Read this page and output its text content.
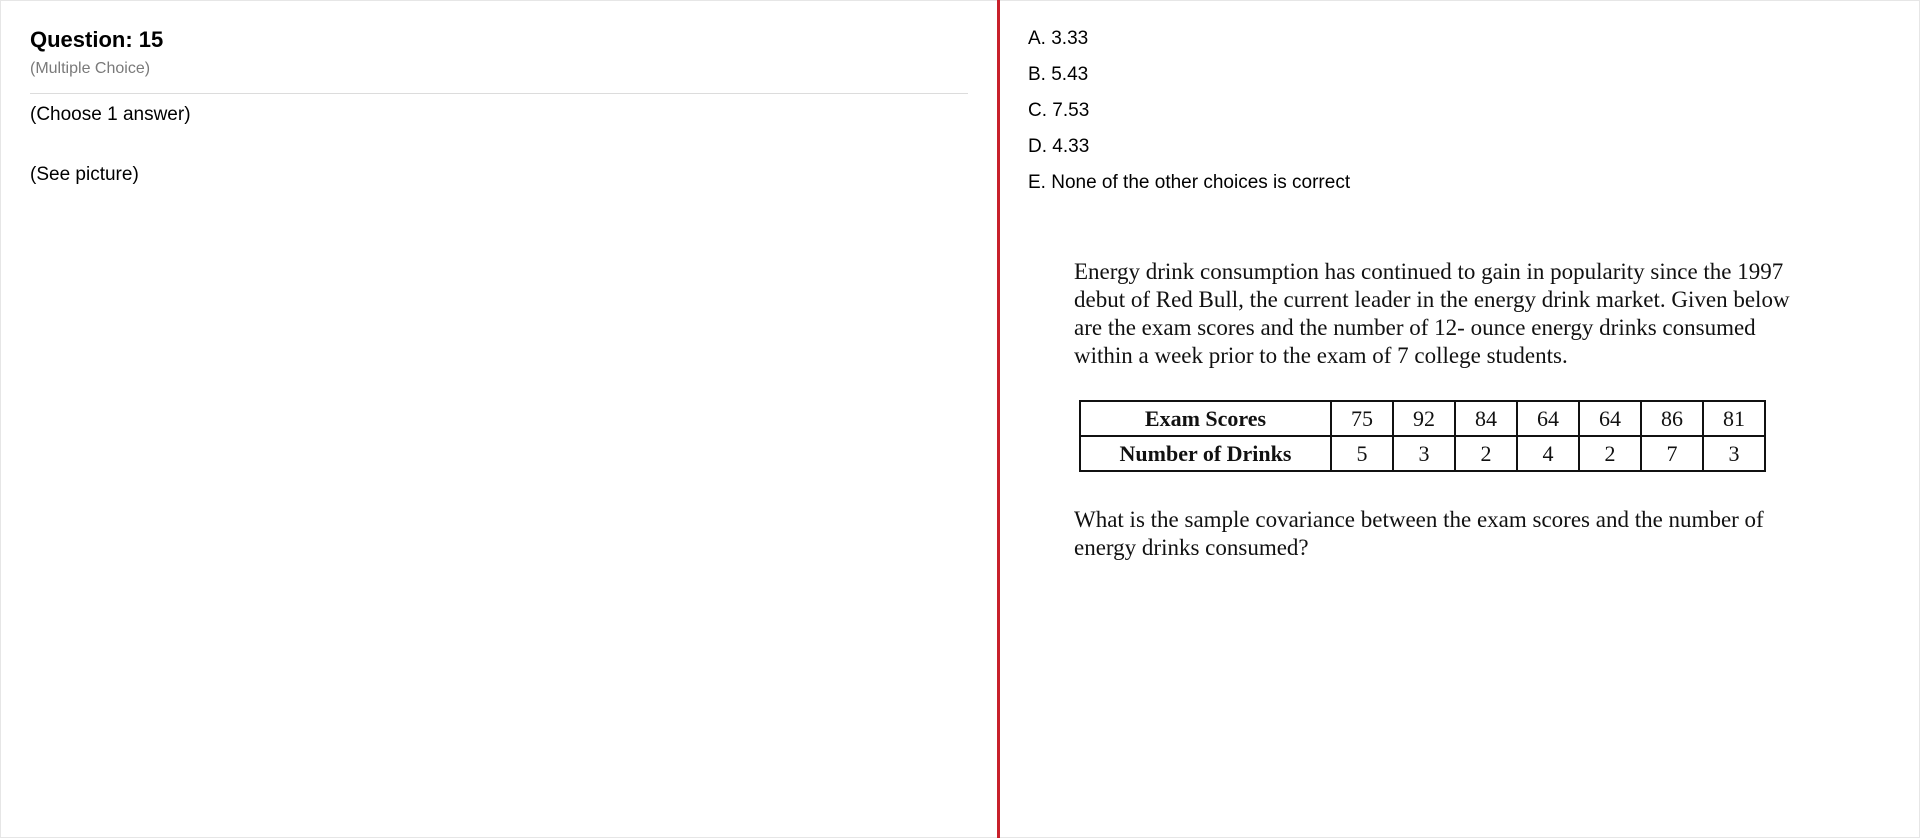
Question: 15
(Multiple Choice)
(Choose 1 answer)
(See picture)
A. 3.33
B. 5.43
C. 7.53
D. 4.33
E. None of the other choices is correct

Energy drink consumption has continued to gain in popularity since the 1997 debut of Red Bull, the current leader in the energy drink market. Given below are the exam scores and the number of 12- ounce energy drinks consumed within a week prior to the exam of 7 college students.

Exam Scores	75	92	84	64	64	86	81	
Number of Drinks	5	3	2	4	2	7	3	

What is the sample covariance between the exam scores and the number of energy drinks consumed?
